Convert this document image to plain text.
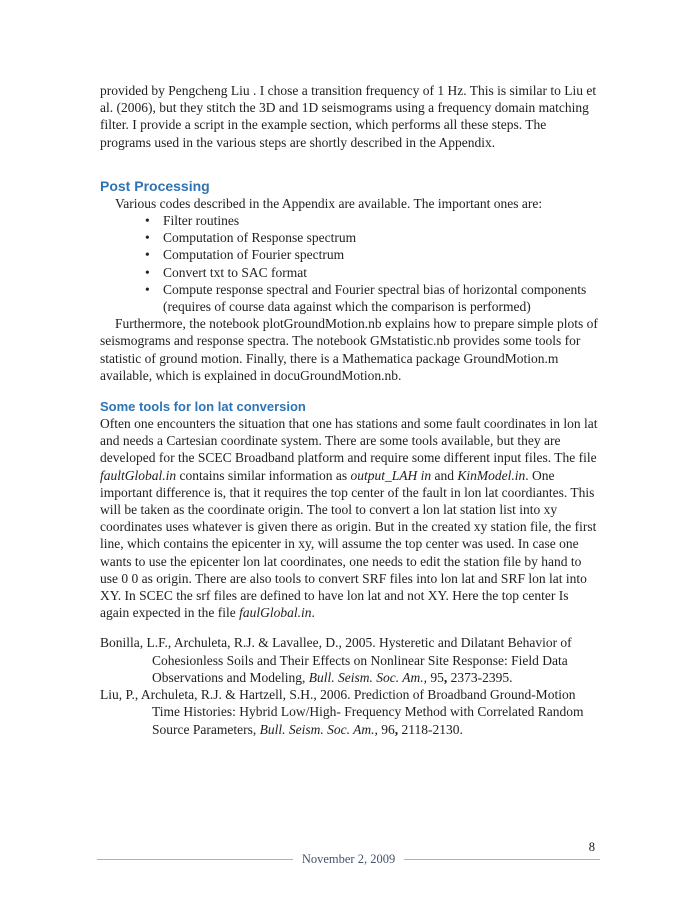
provided by Pengcheng Liu . I chose a transition frequency of 1 Hz. This is similar to Liu et al. (2006), but they stitch the 3D and 1D seismograms using a frequency domain matching filter. I provide a script in the example section, which performs all these steps. The programs used in the various steps are shortly described in the Appendix.

Post Processing

Various codes described in the Appendix are available. The important ones are:

• Filter routines
• Computation of Response spectrum
• Computation of Fourier spectrum
• Convert txt to SAC format
• Compute response spectral and Fourier spectral bias of horizontal components (requires of course data against which the comparison is performed)

Furthermore, the notebook plotGroundMotion.nb explains how to prepare simple plots of seismograms and response spectra. The notebook GMstatistic.nb provides some tools for statistic of ground motion. Finally, there is a Mathematica package GroundMotion.m available, which is explained in docuGroundMotion.nb.

Some tools for lon lat conversion

Often one encounters the situation that one has stations and some fault coordinates in lon lat and needs a Cartesian coordinate system. There are some tools available, but they are developed for the SCEC Broadband platform and require some different input files. The file faultGlobal.in contains similar information as output_LAH in and KinModel.in. One important difference is, that it requires the top center of the fault in lon lat coordiantes. This will be taken as the coordinate origin. The tool to convert a lon lat station list into xy coordinates uses whatever is given there as origin. But in the created xy station file, the first line, which contains the epicenter in xy, will assume the top center was used. In case one wants to use the epicenter lon lat coordinates, one needs to edit the station file by hand to use 0 0 as origin. There are also tools to convert SRF files into lon lat and SRF lon lat into XY. In SCEC the srf files are defined to have lon lat and not XY. Here the top center Is again expected in the file faulGlobal.in.

Bonilla, L.F., Archuleta, R.J. & Lavallee, D., 2005. Hysteretic and Dilatant Behavior of Cohesionless Soils and Their Effects on Nonlinear Site Response: Field Data Observations and Modeling, Bull. Seism. Soc. Am., 95, 2373-2395.

Liu, P., Archuleta, R.J. & Hartzell, S.H., 2006. Prediction of Broadband Ground-Motion Time Histories: Hybrid Low/High- Frequency Method with Correlated Random Source Parameters, Bull. Seism. Soc. Am., 96, 2118-2130.

8
November 2, 2009
